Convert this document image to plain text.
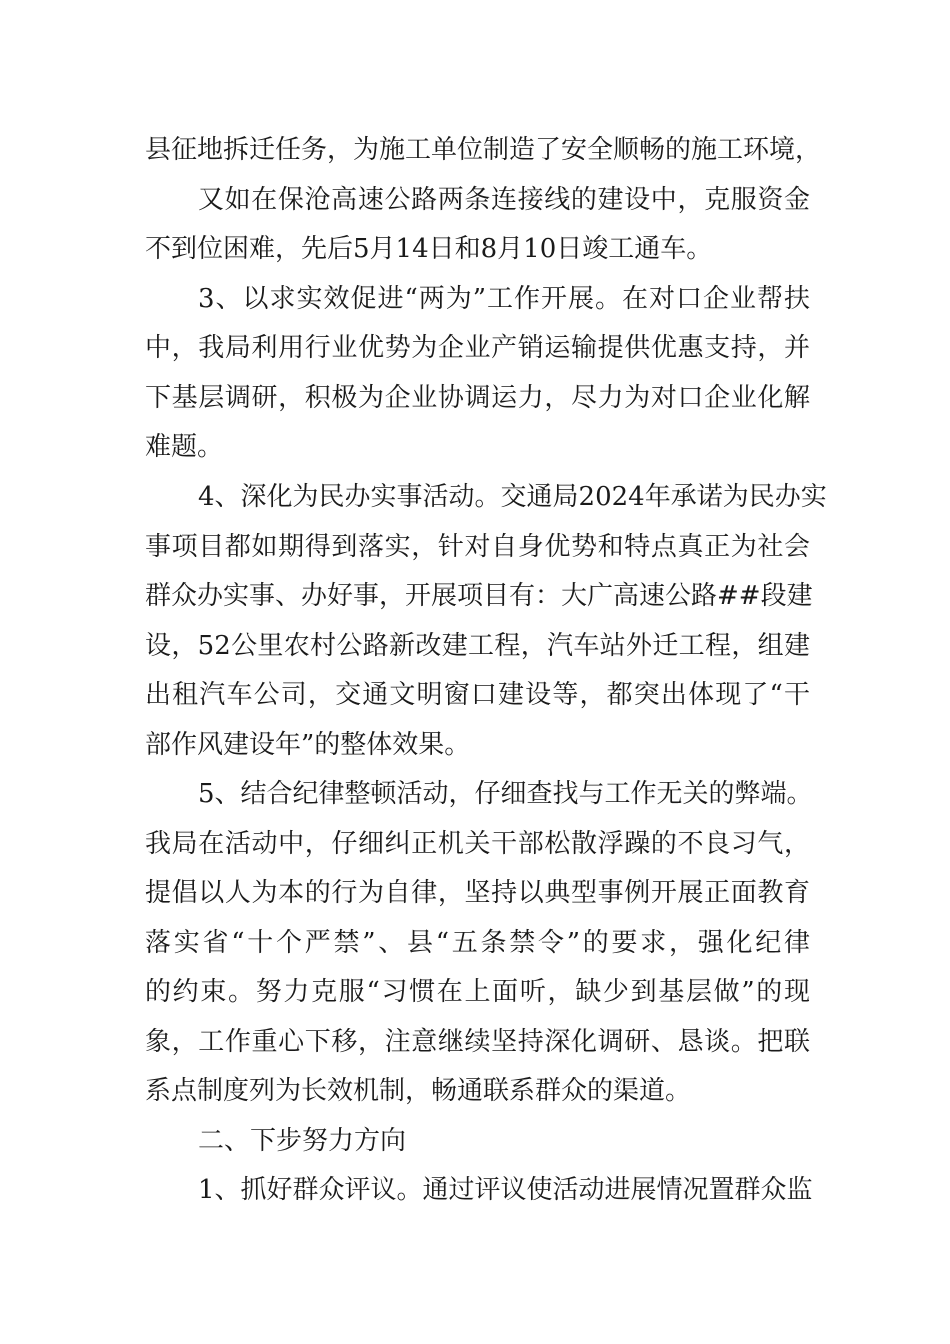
县征地拆迁任务，为施工单位制造了安全顺畅的施工环境，
又如在保沧高速公路两条连接线的建设中，克服资金
不到位困难，先后5月14日和8月10日竣工通车。
3、以求实效促进“两为”工作开展。在对口企业帮扶
中，我局利用行业优势为企业产销运输提供优惠支持，并
下基层调研，积极为企业协调运力，尽力为对口企业化解
难题。
4、深化为民办实事活动。交通局2024年承诺为民办实
事项目都如期得到落实，针对自身优势和特点真正为社会
群众办实事、办好事，开展项目有：大广高速公路##段建
设，52公里农村公路新改建工程，汽车站外迁工程，组建
出租汽车公司，交通文明窗口建设等，都突出体现了“干
部作风建设年”的整体效果。
5、结合纪律整顿活动，仔细查找与工作无关的弊端。
我局在活动中，仔细纠正机关干部松散浮躁的不良习气，
提倡以人为本的行为自律，坚持以典型事例开展正面教育
落实省“十个严禁”、县“五条禁令”的要求，强化纪律
的约束。努力克服“习惯在上面听，缺少到基层做”的现
象，工作重心下移，注意继续坚持深化调研、恳谈。把联
系点制度列为长效机制，畅通联系群众的渠道。
二、下步努力方向
1、抓好群众评议。通过评议使活动进展情况置群众监
